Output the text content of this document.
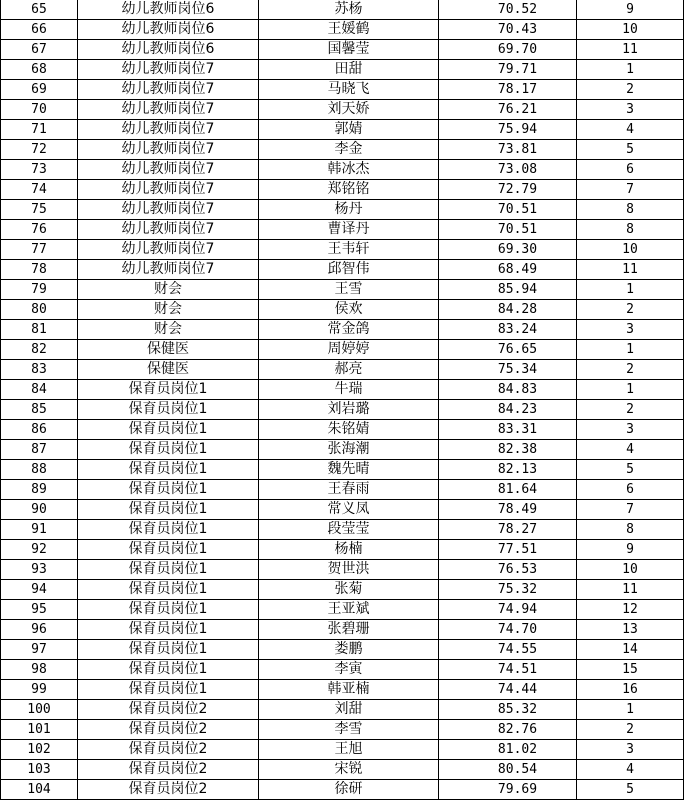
65	幼儿教师岗位6	苏杨	70.52	9
66	幼儿教师岗位6	王媛鹤	70.43	10
67	幼儿教师岗位6	国馨莹	69.70	11
68	幼儿教师岗位7	田甜	79.71	1
69	幼儿教师岗位7	马晓飞	78.17	2
70	幼儿教师岗位7	刘天娇	76.21	3
71	幼儿教师岗位7	郭婧	75.94	4
72	幼儿教师岗位7	李金	73.81	5
73	幼儿教师岗位7	韩冰杰	73.08	6
74	幼儿教师岗位7	郑铭铭	72.79	7
75	幼儿教师岗位7	杨丹	70.51	8
76	幼儿教师岗位7	曹译丹	70.51	8
77	幼儿教师岗位7	王韦轩	69.30	10
78	幼儿教师岗位7	邱智伟	68.49	11
79	财会	王雪	85.94	1
80	财会	侯欢	84.28	2
81	财会	常金鸽	83.24	3
82	保健医	周婷婷	76.65	1
83	保健医	郝亮	75.34	2
84	保育员岗位1	牛瑞	84.83	1
85	保育员岗位1	刘岩璐	84.23	2
86	保育员岗位1	朱铭婧	83.31	3
87	保育员岗位1	张海潮	82.38	4
88	保育员岗位1	魏先晴	82.13	5
89	保育员岗位1	王春雨	81.64	6
90	保育员岗位1	常义凤	78.49	7
91	保育员岗位1	段莹莹	78.27	8
92	保育员岗位1	杨楠	77.51	9
93	保育员岗位1	贺世洪	76.53	10
94	保育员岗位1	张菊	75.32	11
95	保育员岗位1	王亚斌	74.94	12
96	保育员岗位1	张碧珊	74.70	13
97	保育员岗位1	娄鹏	74.55	14
98	保育员岗位1	李寅	74.51	15
99	保育员岗位1	韩亚楠	74.44	16
100	保育员岗位2	刘甜	85.32	1
101	保育员岗位2	李雪	82.76	2
102	保育员岗位2	王旭	81.02	3
103	保育员岗位2	宋锐	80.54	4
104	保育员岗位2	徐研	79.69	5
